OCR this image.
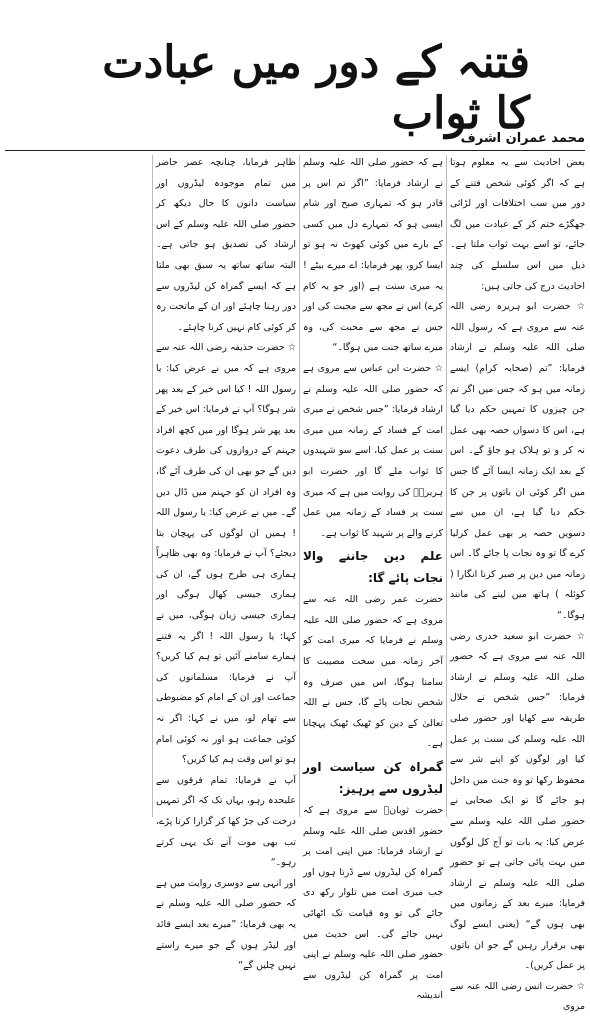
فتنہ کے دور میں عبادت کا ثواب
محمد عمران اشرف

بعض احادیث سے یہ معلوم ہوتا ہے کہ اگر کوئی شخص فتنے کے دور میں سب اختلافات اور لڑائی جھگڑے ختم کر کے عبادت میں لگ جائے، تو اسے بہت ثواب ملتا ہے۔ ذیل میں اس سلسلے کی چند احادیث درج کی جاتی ہیں:

☆ حضرت ابو ہریرہ رضی اللہ عنہ سے مروی ہے کہ رسول اللہ صلی اللہ علیہ وسلم نے ارشاد فرمایا: ”تم (صحابہ کرام) ایسے زمانہ میں ہو کہ جس میں اگر تم جن چیزوں کا تمہیں حکم دیا گیا ہے، اس کا دسواں حصہ بھی عمل نہ کر و تو ہلاک ہو جاؤ گے۔ اس کے بعد ایک زمانہ ایسا آئے گا جس میں اگر کوئی ان باتوں پر جن کا حکم دیا گیا ہے، ان میں سے دسویں حصہ پر بھی عمل کرلیا کرے گا تو وہ نجات پا جائے گا۔ اس زمانہ میں دین پر صبر کرنا انگارا ( کوئلہ ) ہاتھ میں لینے کی مانند ہوگا۔“

☆ حضرت ابو سعید خدری رضی اللہ عنہ سے مروی ہے کہ حضور صلی اللہ علیہ وسلم نے ارشاد فرمایا: ”جس شخص نے حلال طریقہ سے کھایا اور حضور صلی اللہ علیہ وسلم کی سنت پر عمل کیا اور لوگوں کو اپنے شر سے محفوظ رکھا تو وہ جنت میں داخل ہو جائے گا تو ایک صحابی نے حضور صلی اللہ علیہ وسلم سے عرض کیا: یہ بات تو آج کل لوگوں میں بہت پائی جاتی ہے تو حضور صلی اللہ علیہ وسلم نے ارشاد فرمایا: میرے بعد کے زمانوں میں بھی ہوں گے“ (یعنی ایسے لوگ بھی برقرار رہیں گے جو ان باتوں پر عمل کریں)۔

☆ حضرت انس رضی اللہ عنہ سے مروی

ہے کہ حضور صلی اللہ علیہ وسلم نے ارشاد فرمایا: ”اگر تم اس پر قادر ہو کہ تمہاری صبح اور شام ایسی ہو کہ تمہارے دل میں کسی کے بارے میں کوئی کھوٹ نہ ہو تو ایسا کرو، پھر فرمایا: اے میرے بیٹے ! یہ میری سنت ہے (اور جو یہ کام کرے) اس نے مجھ سے محبت کی اور جس نے مجھ سے محبت کی، وہ میرے ساتھ جنت میں ہوگا۔“

☆ حضرت ابن عباس سے مروی ہے کہ حضور صلی اللہ علیہ وسلم نے ارشاد فرمایا: ”جس شخص نے میری امت کے فساد کے زمانہ میں میری سنت پر عمل کیا، اسے سو شہیدوں کا ثواب ملے گا اور حضرت ابو ہریرہؓ کی روایت میں ہے کہ میری سنت پر فساد کے زمانہ میں عمل کرنے والے پر شہید کا ثواب ہے۔

علم دین جاننے والا نجات پائے گا:

حضرت عمر رضی اللہ عنہ سے مروی ہے کہ حضور صلی اللہ علیہ وسلم نے فرمایا کہ میری امت کو آخر زمانہ میں سخت مصیبت کا سامنا ہوگا، اس میں صرف وہ شخص نجات پائے گا، جس نے اللہ تعالیٰ کے دین کو ٹھیک ٹھیک پہچانا ہے۔

گمراہ کن سیاست اور لیڈروں سے پرہیز:

حضرت ثوبانؓ سے مروی ہے کہ حضور اقدس صلی اللہ علیہ وسلم نے ارشاد فرمایا: میں اپنی امت پر گمراہ کن لیڈروں سے ڈرتا ہوں اور جب میری امت میں تلوار رکھ دی جائے گی تو وہ قیامت تک اٹھائی نہیں جائے گی۔ اس حدیث میں حضور صلی اللہ علیہ وسلم نے اپنی امت پر گمراہ کن لیڈروں سے اندیشہ

ظاہر فرمایا، چنانچہ عصر حاضر میں تمام موجودہ لیڈروں اور سیاست دانوں کا حال دیکھ کر حضور صلی اللہ علیہ وسلم کے اس ارشاد کی تصدیق ہو جاتی ہے۔ البتہ ساتھ ساتھ یہ سبق بھی ملتا ہے کہ ایسے گمراہ کن لیڈروں سے دور رہنا چاہئے اور ان کے ماتحت رہ کر کوئی کام نہیں کرنا چاہئے۔

☆ حضرت حذیفہ رضی اللہ عنہ سے مروی ہے کہ میں نے عرض کیا: یا رسول اللہ ! کیا اس خیر کے بعد پھر شر ہوگا؟ آپ نے فرمایا: اس خیر کے بعد پھر شر ہوگا اور میں کچھ افراد جہنم کے دروازوں کی طرف دعوت دیں گے جو بھی ان کی طرف آئے گا، وہ افراد ان کو جہنم میں ڈال دیں گے۔ میں نے عرض کیا: یا رسول اللہ ! ہمیں ان لوگوں کی پہچان بتا دیجئے؟ آپ نے فرمایا: وہ بھی ظاہراً ہماری ہی طرح ہوں گے، ان کی ہماری جیسی کھال ہوگی اور ہماری جیسی زبان ہوگی، میں نے کہا: یا رسول اللہ ! اگر یہ فتنے ہمارے سامنے آئیں تو ہم کیا کریں؟ آپ نے فرمایا: مسلمانوں کی جماعت اور ان کے امام کو مضبوطی سے تھام لو، میں نے کہا: اگر نہ کوئی جماعت ہو اور نہ کوئی امام ہو تو اس وقت ہم کیا کریں؟

آپ نے فرمایا: تمام فرقوں سے علیحدہ رہو، یہاں تک کہ اگر تمہیں درخت کی جڑ کھا کر گزارا کرنا پڑے، تب بھی موت آنے تک یہی کرتے رہو۔“

اور انہی سے دوسری روایت میں ہے کہ حضور صلی اللہ علیہ وسلم نے یہ بھی فرمایا: ”میرے بعد ایسے قائد اور لیڈر ہوں گے جو میرے راستے نہیں چلیں گے“
